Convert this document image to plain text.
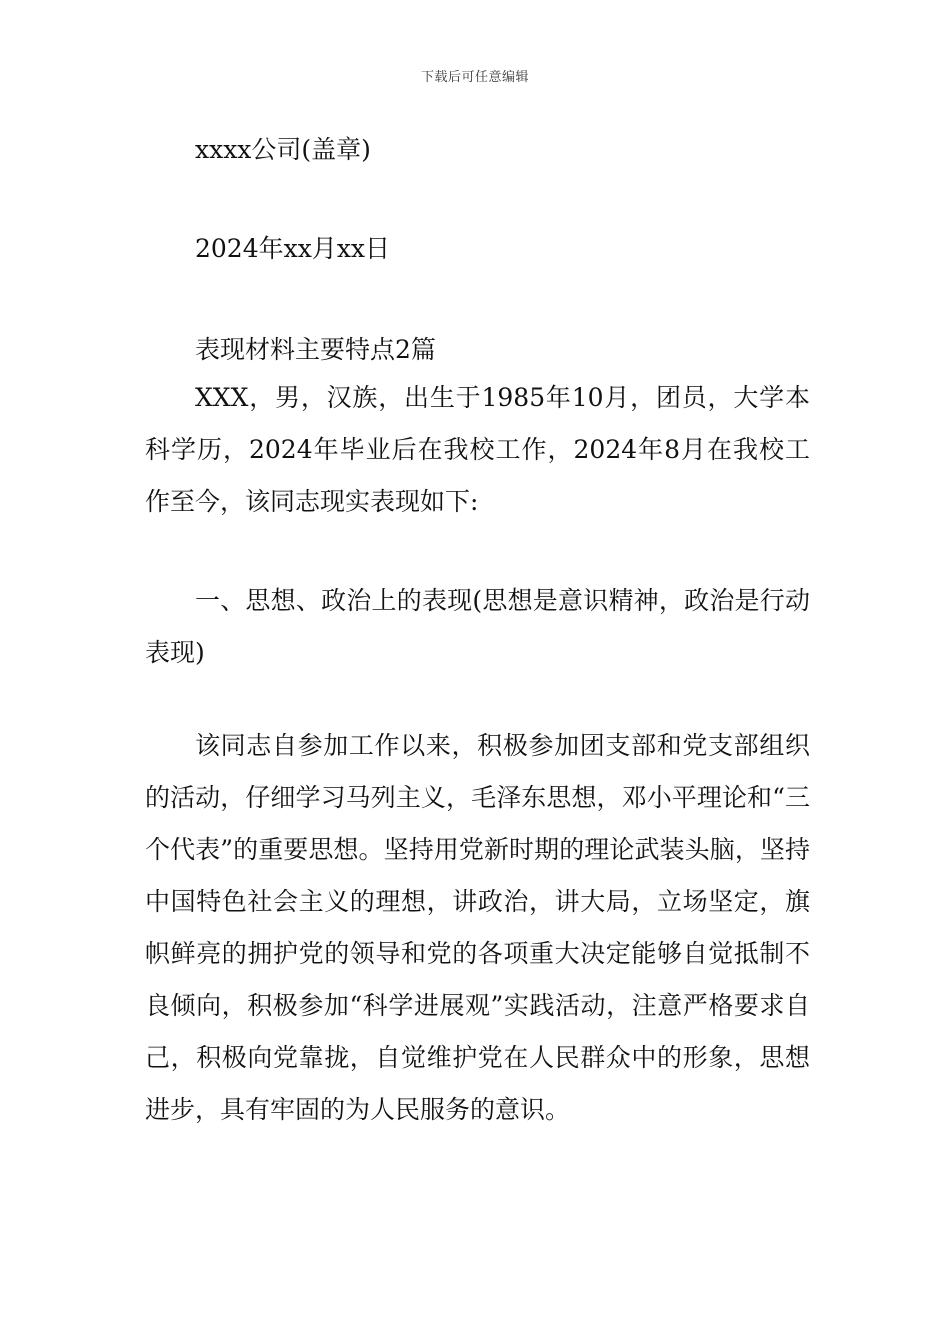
下载后可任意编辑
xxxx公司(盖章)
2024年xx月xx日
表现材料主要特点2篇
XXX，男，汉族，出生于1985年10月，团员，大学本科学历，2024年毕业后在我校工作，2024年8月在我校工作至今，该同志现实表现如下:
一、思想、政治上的表现(思想是意识精神，政治是行动表现)
该同志自参加工作以来，积极参加团支部和党支部组织的活动，仔细学习马列主义，毛泽东思想，邓小平理论和“三个代表”的重要思想。坚持用党新时期的理论武装头脑，坚持中国特色社会主义的理想，讲政治，讲大局，立场坚定，旗帜鲜亮的拥护党的领导和党的各项重大决定能够自觉抵制不良倾向，积极参加“科学进展观”实践活动，注意严格要求自己，积极向党靠拢，自觉维护党在人民群众中的形象，思想进步，具有牢固的为人民服务的意识。
